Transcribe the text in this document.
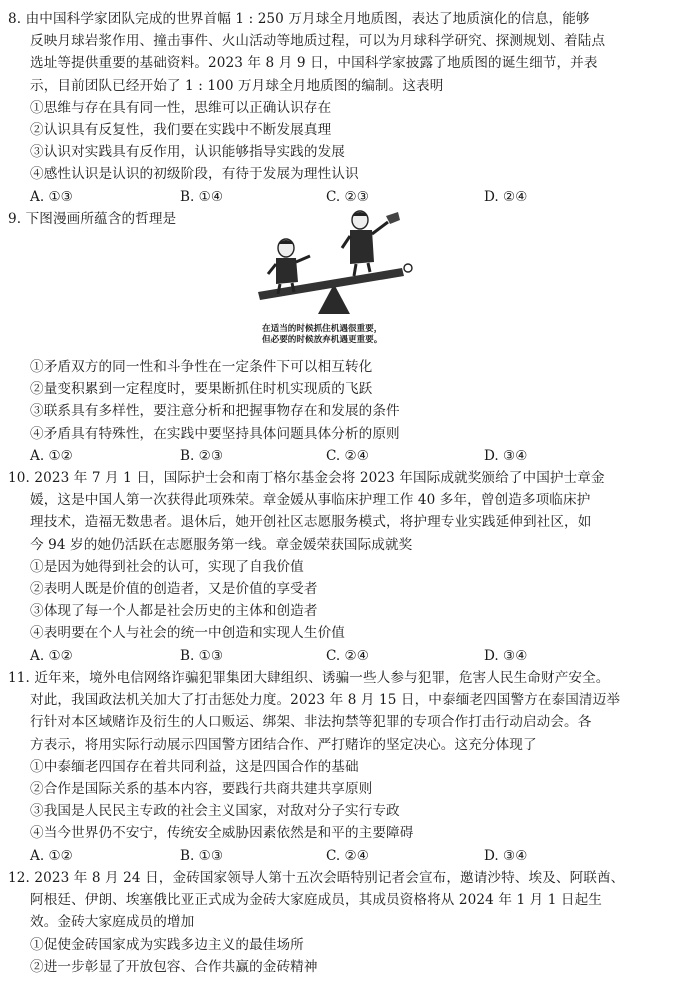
8. 由中国科学家团队完成的世界首幅 1 : 250 万月球全月地质图，表达了地质演化的信息，能够
反映月球岩浆作用、撞击事件、火山活动等地质过程，可以为月球科学研究、探测规划、着陆点
选址等提供重要的基础资料。2023 年 8 月 9 日，中国科学家披露了地质图的诞生细节，并表
示，目前团队已经开始了 1 : 100 万月球全月地质图的编制。这表明
①思维与存在具有同一性，思维可以正确认识存在
②认识具有反复性，我们要在实践中不断发展真理
③认识对实践具有反作用，认识能够指导实践的发展
④感性认识是认识的初级阶段，有待于发展为理性认识
A. ①③	B. ①④	C. ②③	D. ②④
9. 下图漫画所蕴含的哲理是
在适当的时候抓住机遇很重要，
但必要的时候放弃机遇更重要。
①矛盾双方的同一性和斗争性在一定条件下可以相互转化
②量变积累到一定程度时，要果断抓住时机实现质的飞跃
③联系具有多样性，要注意分析和把握事物存在和发展的条件
④矛盾具有特殊性，在实践中要坚持具体问题具体分析的原则
A. ①②	B. ②③	C. ②④	D. ③④
10. 2023 年 7 月 1 日，国际护士会和南丁格尔基金会将 2023 年国际成就奖颁给了中国护士章金
媛，这是中国人第一次获得此项殊荣。章金媛从事临床护理工作 40 多年，曾创造多项临床护
理技术，造福无数患者。退休后，她开创社区志愿服务模式，将护理专业实践延伸到社区，如
今 94 岁的她仍活跃在志愿服务第一线。章金媛荣获国际成就奖
①是因为她得到社会的认可，实现了自我价值
②表明人既是价值的创造者，又是价值的享受者
③体现了每一个人都是社会历史的主体和创造者
④表明要在个人与社会的统一中创造和实现人生价值
A. ①②	B. ①③	C. ②④	D. ③④
11. 近年来，境外电信网络诈骗犯罪集团大肆组织、诱骗一些人参与犯罪，危害人民生命财产安全。
对此，我国政法机关加大了打击惩处力度。2023 年 8 月 15 日，中泰缅老四国警方在泰国清迈举
行针对本区域赌诈及衍生的人口贩运、绑架、非法拘禁等犯罪的专项合作打击行动启动会。各
方表示，将用实际行动展示四国警方团结合作、严打赌诈的坚定决心。这充分体现了
①中泰缅老四国存在着共同利益，这是四国合作的基础
②合作是国际关系的基本内容，要践行共商共建共享原则
③我国是人民民主专政的社会主义国家，对敌对分子实行专政
④当今世界仍不安宁，传统安全威胁因素依然是和平的主要障碍
A. ①②	B. ①③	C. ②④	D. ③④
12. 2023 年 8 月 24 日，金砖国家领导人第十五次会晤特别记者会宣布，邀请沙特、埃及、阿联酋、
阿根廷、伊朗、埃塞俄比亚正式成为金砖大家庭成员，其成员资格将从 2024 年 1 月 1 日起生
效。金砖大家庭成员的增加
①促使金砖国家成为实践多边主义的最佳场所
②进一步彰显了开放包容、合作共赢的金砖精神
